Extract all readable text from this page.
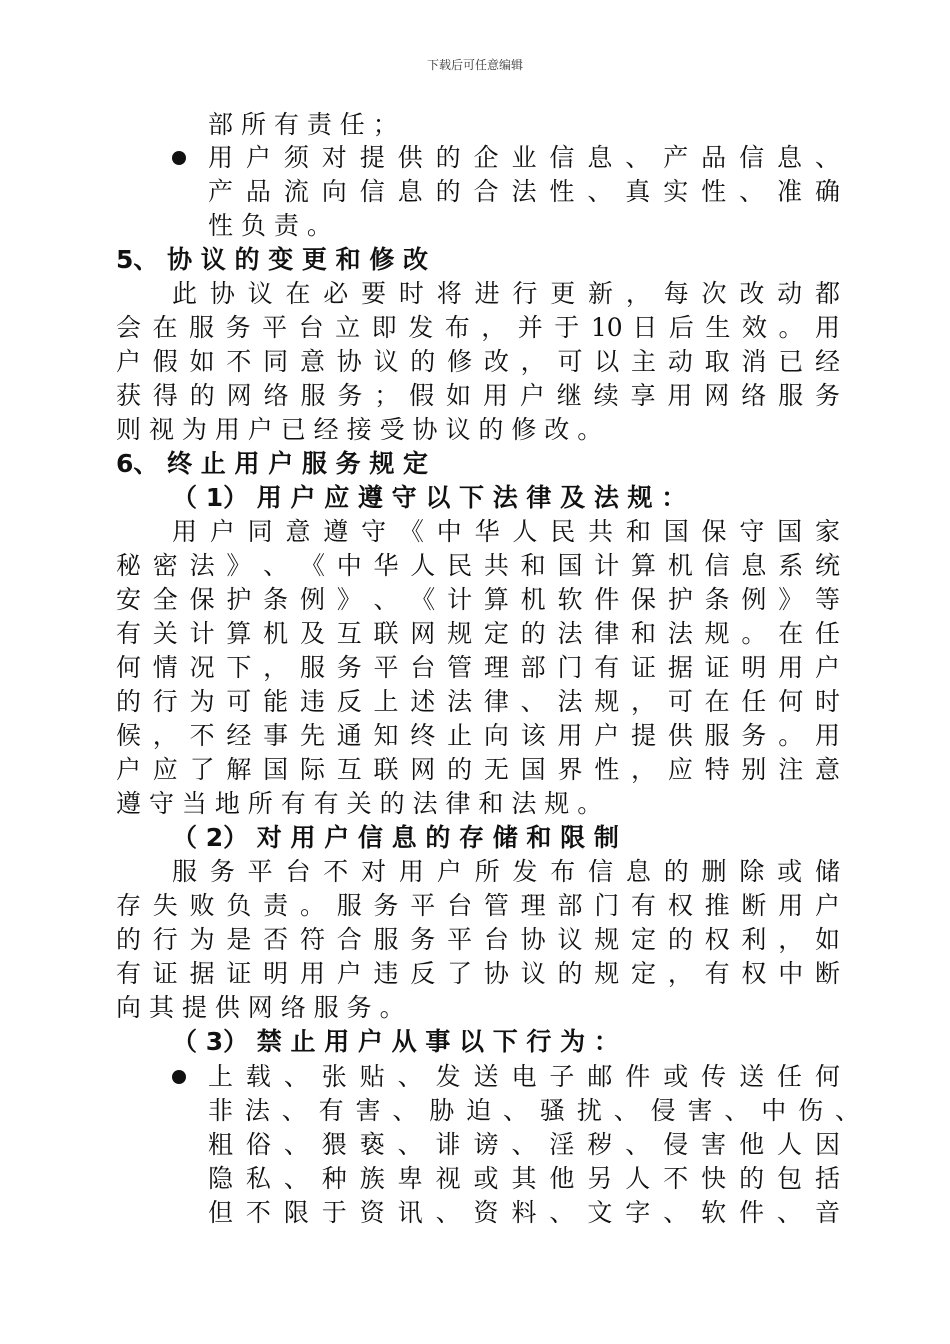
下载后可任意编辑
部 所 有 责 任 ；
用 户 须 对 提 供 的 企 业 信 息 、 产 品 信 息 、
产 品 流 向 信 息 的 合 法 性 、 真 实 性 、 准 确
性 负 责 。
5、 协 议 的 变 更 和 修 改
此 协 议 在 必 要 时 将 进 行 更 新 ， 每 次 改 动 都
会 在 服 务 平 台 立 即 发 布 ， 并 于 10 日 后 生 效 。 用
户 假 如 不 同 意 协 议 的 修 改 ， 可 以 主 动 取 消 已 经
获 得 的 网 络 服 务 ； 假 如 用 户 继 续 享 用 网 络 服 务
则 视 为 用 户 已 经 接 受 协 议 的 修 改 。
6、 终 止 用 户 服 务 规 定
（ 1） 用 户 应 遵 守 以 下 法 律 及 法 规 ：
用 户 同 意 遵 守 《 中 华 人 民 共 和 国 保 守 国 家
秘 密 法 》 、 《 中 华 人 民 共 和 国 计 算 机 信 息 系 统
安 全 保 护 条 例 》 、 《 计 算 机 软 件 保 护 条 例 》 等
有 关 计 算 机 及 互 联 网 规 定 的 法 律 和 法 规 。 在 任
何 情 况 下 ， 服 务 平 台 管 理 部 门 有 证 据 证 明 用 户
的 行 为 可 能 违 反 上 述 法 律 、 法 规 ， 可 在 任 何 时
候 ， 不 经 事 先 通 知 终 止 向 该 用 户 提 供 服 务 。 用
户 应 了 解 国 际 互 联 网 的 无 国 界 性 ， 应 特 别 注 意
遵 守 当 地 所 有 有 关 的 法 律 和 法 规 。
（ 2） 对 用 户 信 息 的 存 储 和 限 制
服 务 平 台 不 对 用 户 所 发 布 信 息 的 删 除 或 储
存 失 败 负 责 。 服 务 平 台 管 理 部 门 有 权 推 断 用 户
的 行 为 是 否 符 合 服 务 平 台 协 议 规 定 的 权 利 ， 如
有 证 据 证 明 用 户 违 反 了 协 议 的 规 定 ， 有 权 中 断
向 其 提 供 网 络 服 务 。
（ 3） 禁 止 用 户 从 事 以 下 行 为 ：
上 载 、 张 贴 、 发 送 电 子 邮 件 或 传 送 任 何
非 法 、 有 害 、 胁 迫 、 骚 扰 、 侵 害 、 中 伤 、
粗 俗 、 猥 亵 、 诽 谤 、 淫 秽 、 侵 害 他 人 因
隐 私 、 种 族 卑 视 或 其 他 另 人 不 快 的 包 括
但 不 限 于 资 讯 、 资 料 、 文 字 、 软 件 、 音
